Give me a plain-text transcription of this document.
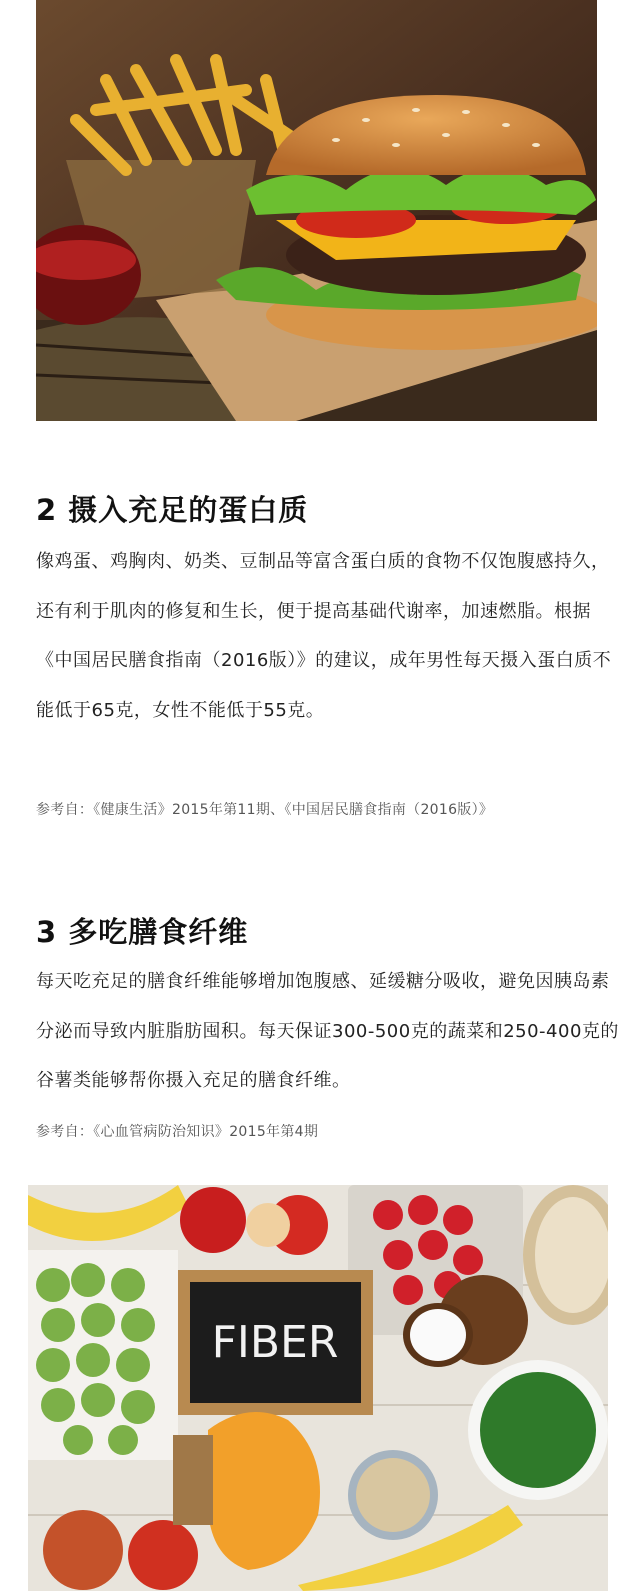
2 摄入充足的蛋白质

像鸡蛋、鸡胸肉、奶类、豆制品等富含蛋白质的食物不仅饱腹感持久，还有利于肌肉的修复和生长，便于提高基础代谢率，加速燃脂。根据《中国居民膳食指南（2016版）》的建议，成年男性每天摄入蛋白质不能低于65克，女性不能低于55克。

参考自：《健康生活》2015年第11期、《中国居民膳食指南（2016版）》

3 多吃膳食纤维

每天吃充足的膳食纤维能够增加饱腹感、延缓糖分吸收，避免因胰岛素分泌而导致内脏脂肪囤积。每天保证300-500克的蔬菜和250-400克的谷薯类能够帮你摄入充足的膳食纤维。

参考自：《心血管病防治知识》2015年第4期

FIBER
